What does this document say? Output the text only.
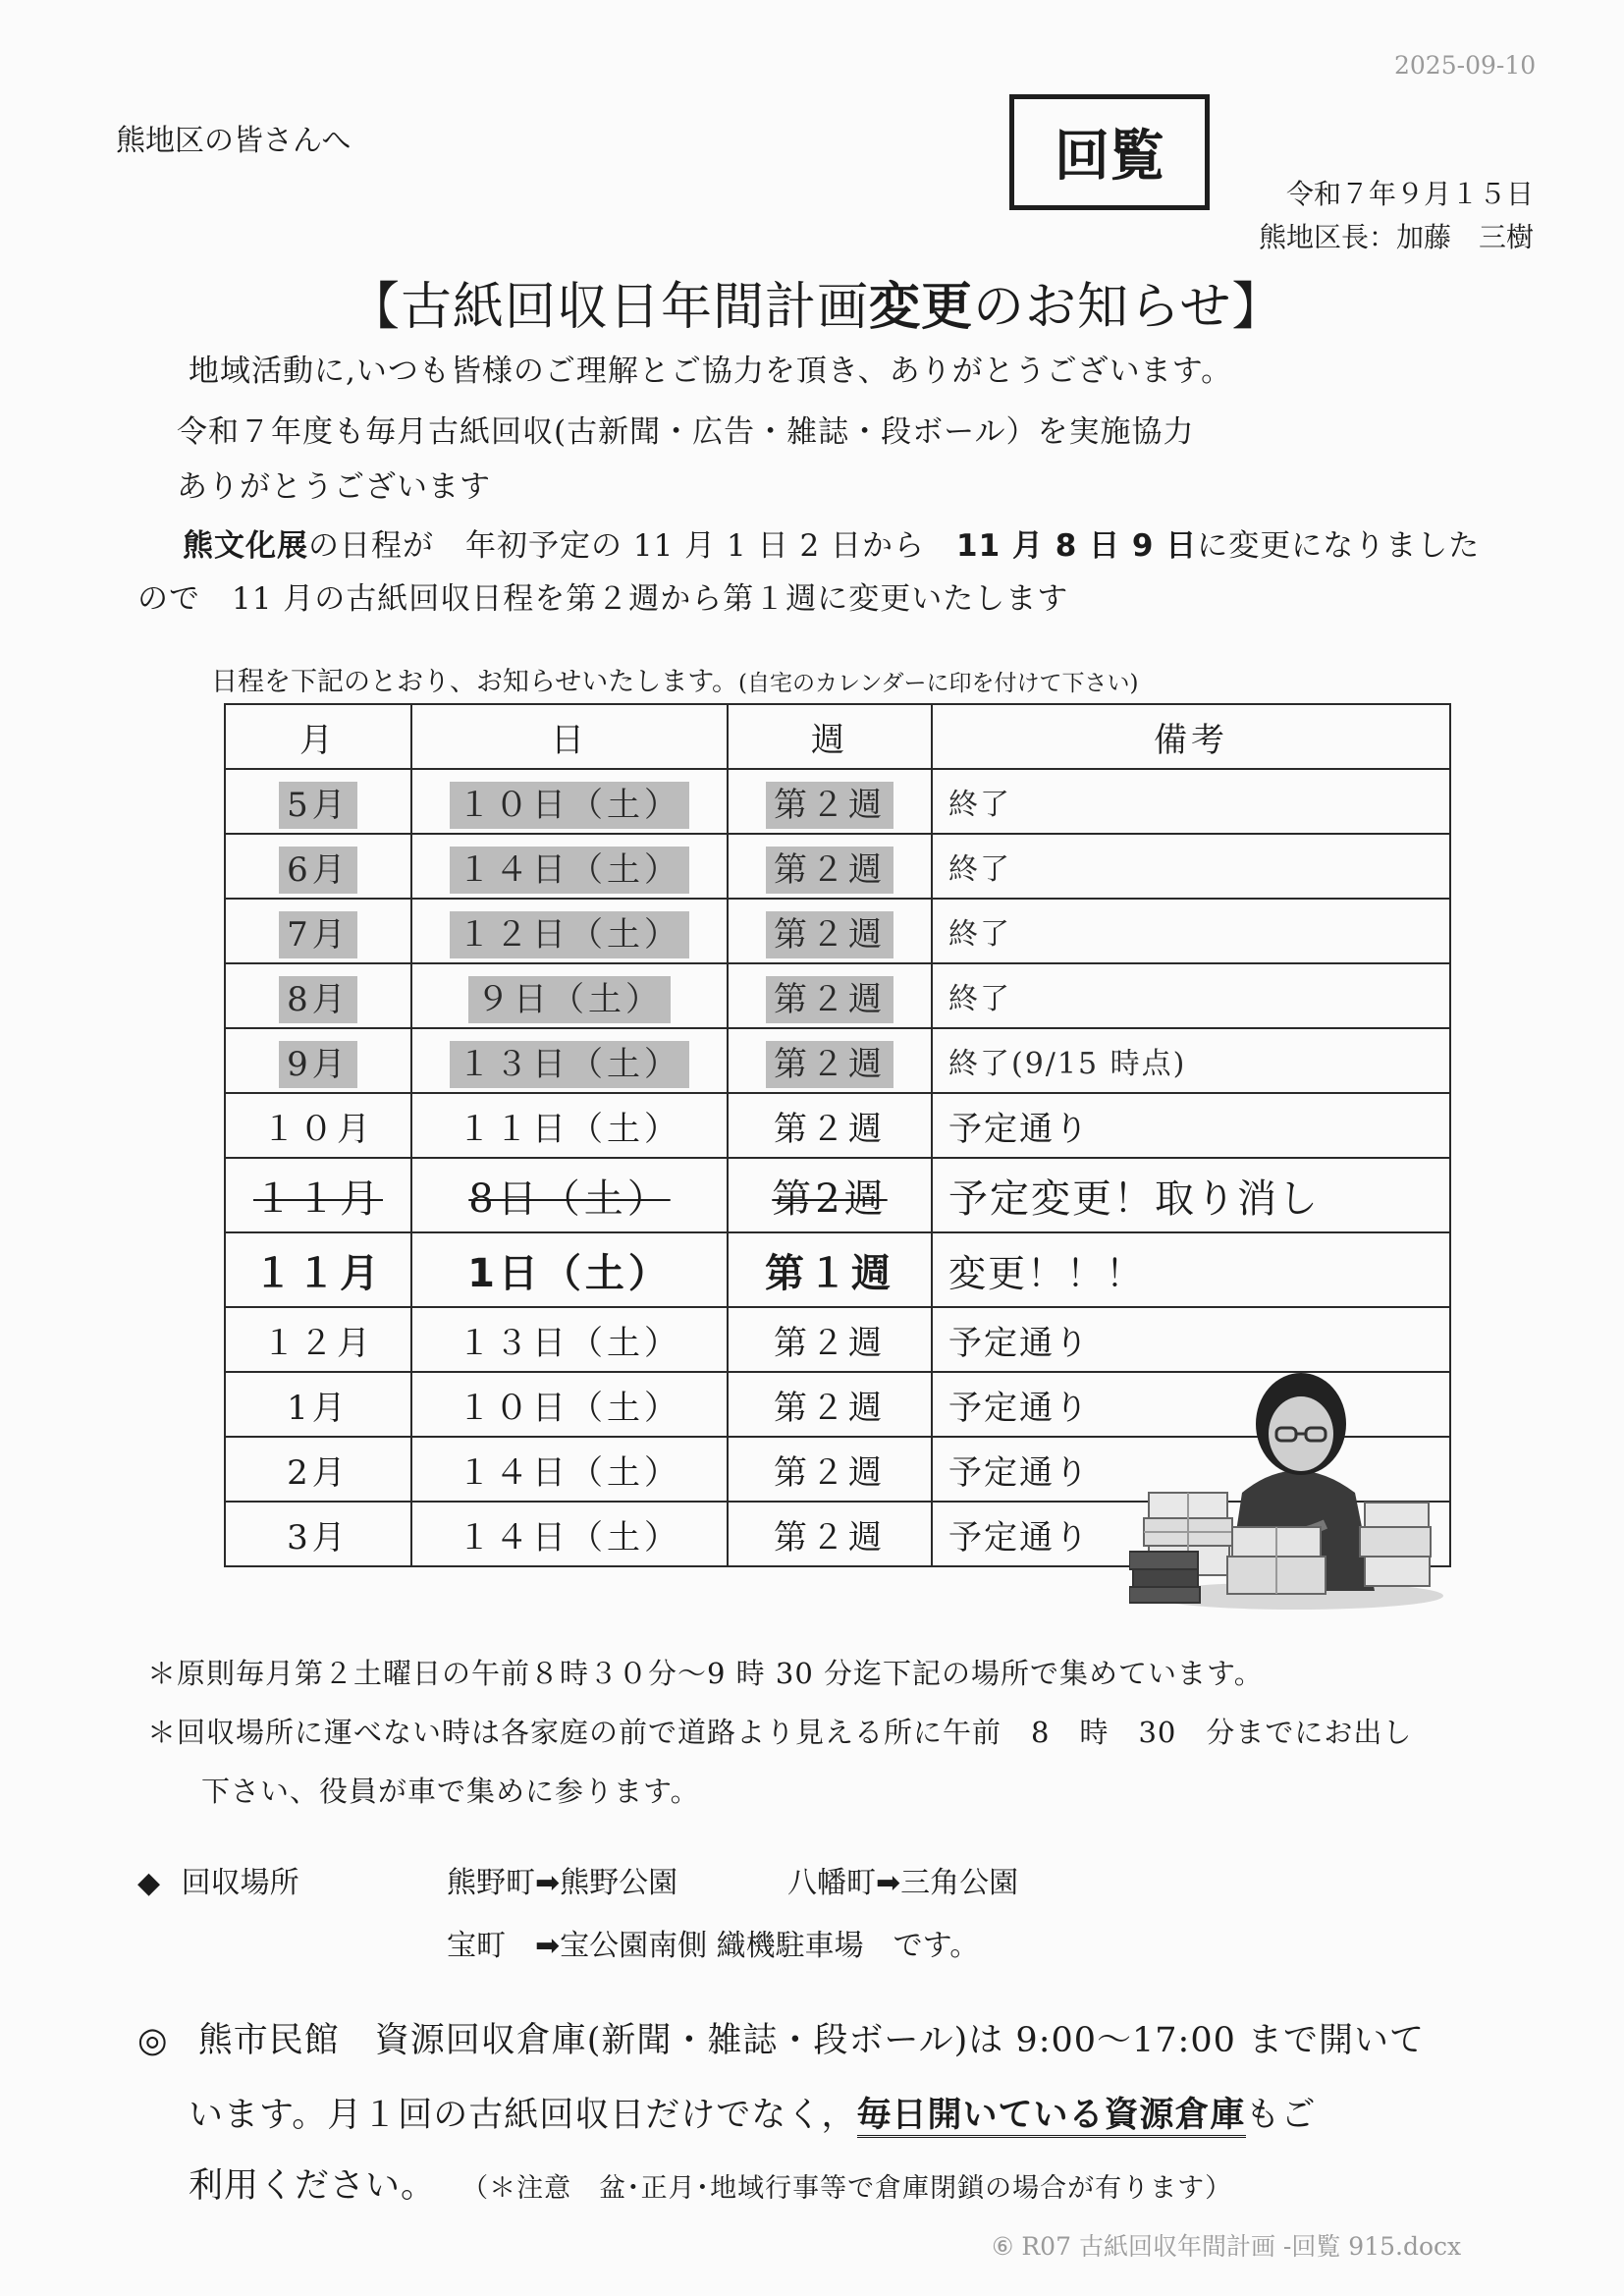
2025-09-10
熊地区の皆さんへ	回覧
令和７年９月１５日
熊地区長：加藤　三樹
【古紙回収日年間計画変更のお知らせ】
地域活動に,いつも皆様のご理解とご協力を頂き、ありがとうございます。
令和７年度も毎月古紙回収(古新聞・広告・雑誌・段ボール）を実施協力
ありがとうございます
熊文化展の日程が　年初予定の 11 月 1 日 2 日から　11 月 8 日 9 日に変更になりました
ので　11 月の古紙回収日程を第２週から第１週に変更いたします
日程を下記のとおり、お知らせいたします。(自宅のカレンダーに印を付けて下さい)
月	日	週	備考
5月	１０日（土）	第２週	終了
6月	１４日（土）	第２週	終了
7月	１２日（土）	第２週	終了
8月	９日（土）	第２週	終了
9月	１３日（土）	第２週	終了(9/15 時点)
１０月	１１日（土）	第２週	予定通り
１１月	8日（土）	第2週	予定変更！取り消し
１１月	1日（土）	第１週	変更！！！
１２月	１３日（土）	第２週	予定通り
1月	１０日（土）	第２週	予定通り
2月	１４日（土）	第２週	予定通り
3月	１４日（土）	第２週	予定通り
＊原則毎月第２土曜日の午前８時３０分～9 時 30 分迄下記の場所で集めています。
＊回収場所に運べない時は各家庭の前で道路より見える所に午前　8　時　30　分までにお出し
下さい、役員が車で集めに参ります。
◆ 回収場所	熊野町➡熊野公園	八幡町➡三角公園
宝町　➡宝公園南側 織機駐車場　です。
◎ 熊市民館　資源回収倉庫(新聞・雑誌・段ボール)は 9:00～17:00 まで開いて
います。月１回の古紙回収日だけでなく，毎日開いている資源倉庫もご
利用ください。 （＊注意　盆･正月･地域行事等で倉庫閉鎖の場合が有ります）
⑥ R07 古紙回収年間計画 -回覧 915.docx
